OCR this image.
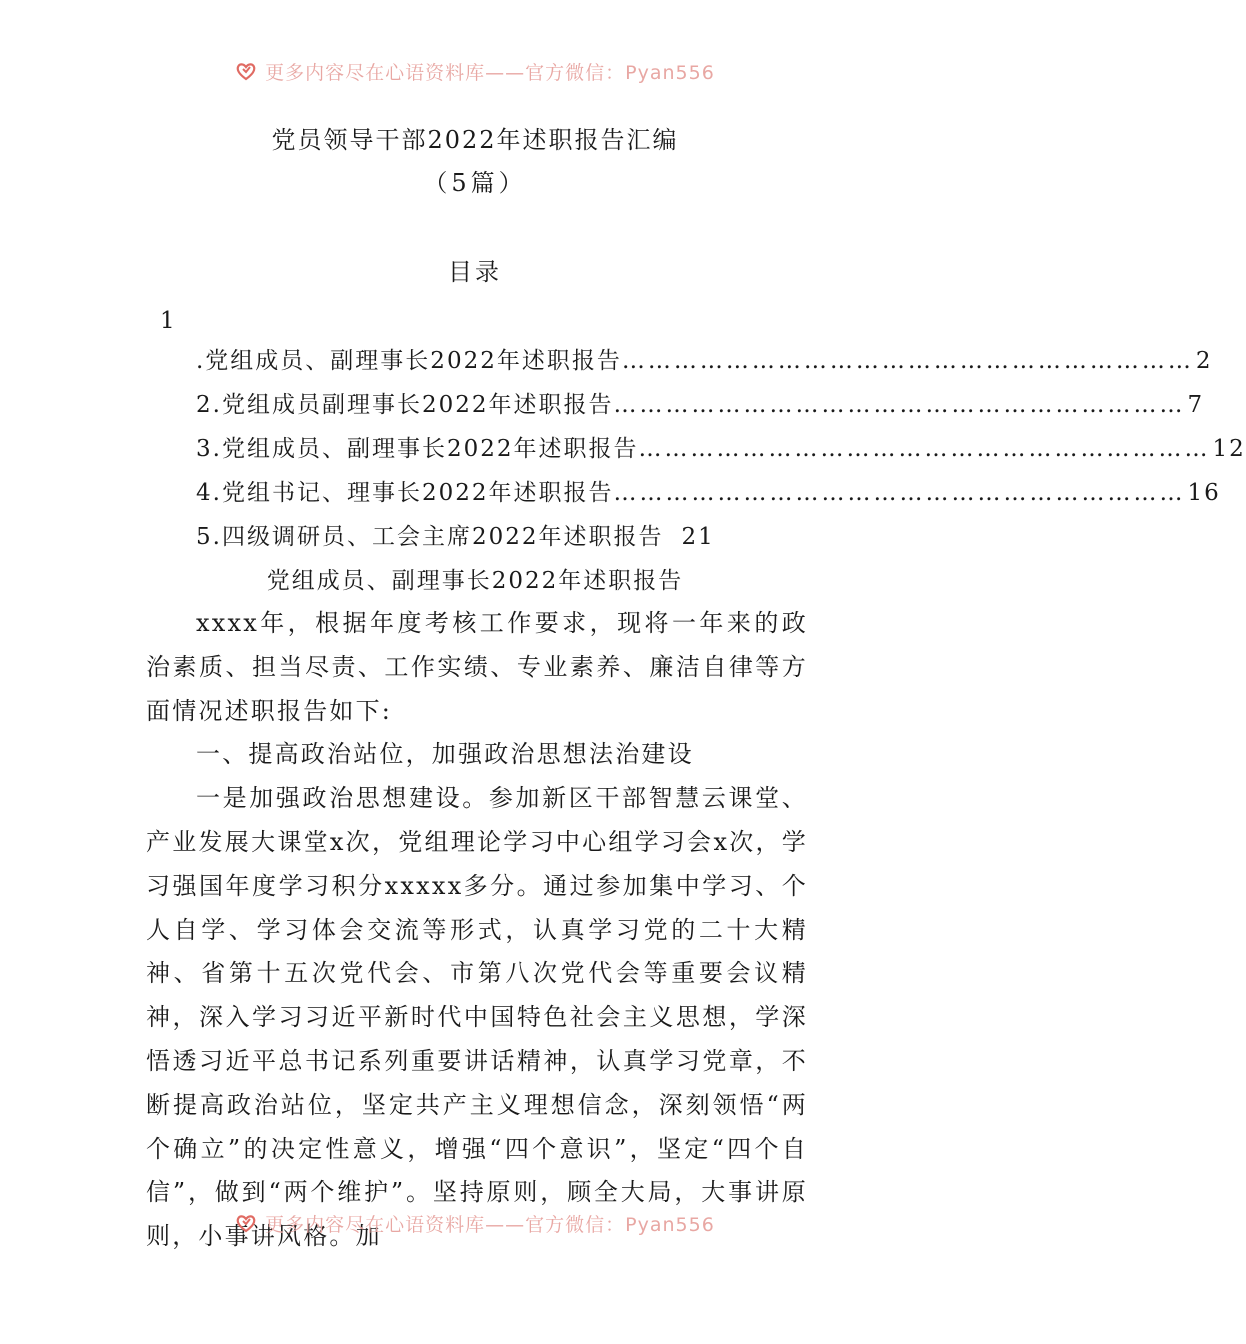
更多内容尽在心语资料库——官方微信：Pyan556
党员领导干部2022年述职报告汇编
（5篇）
目录
1
.党组成员、副理事长2022年述职报告 ………………………………………………………… 2
2.党组成员副理事长2022年述职报告 ………………………………………………………… 7
3.党组成员、副理事长2022年述职报告 ………………………………………………………… 12
4.党组书记、理事长2022年述职报告 ………………………………………………………… 16
5.四级调研员、工会主席2022年述职报告 21
党组成员、副理事长2022年述职报告

xxxx年，根据年度考核工作要求，现将一年来的政治素质、担当尽责、工作实绩、专业素养、廉洁自律等方面情况述职报告如下:

一、提高政治站位，加强政治思想法治建设

一是加强政治思想建设。参加新区干部智慧云课堂、产业发展大课堂x次，党组理论学习中心组学习会x次，学习强国年度学习积分xxxxx多分。通过参加集中学习、个人自学、学习体会交流等形式，认真学习党的二十大精神、省第十五次党代会、市第八次党代会等重要会议精神，深入学习习近平新时代中国特色社会主义思想，学深悟透习近平总书记系列重要讲话精神，认真学习党章，不断提高政治站位，坚定共产主义理想信念，深刻领悟“两个确立”的决定性意义，增强“四个意识”，坚定“四个自信”，做到“两个维护”。坚持原则，顾全大局，大事讲原则，小事讲风格。加

更多内容尽在心语资料库——官方微信：Pyan556
